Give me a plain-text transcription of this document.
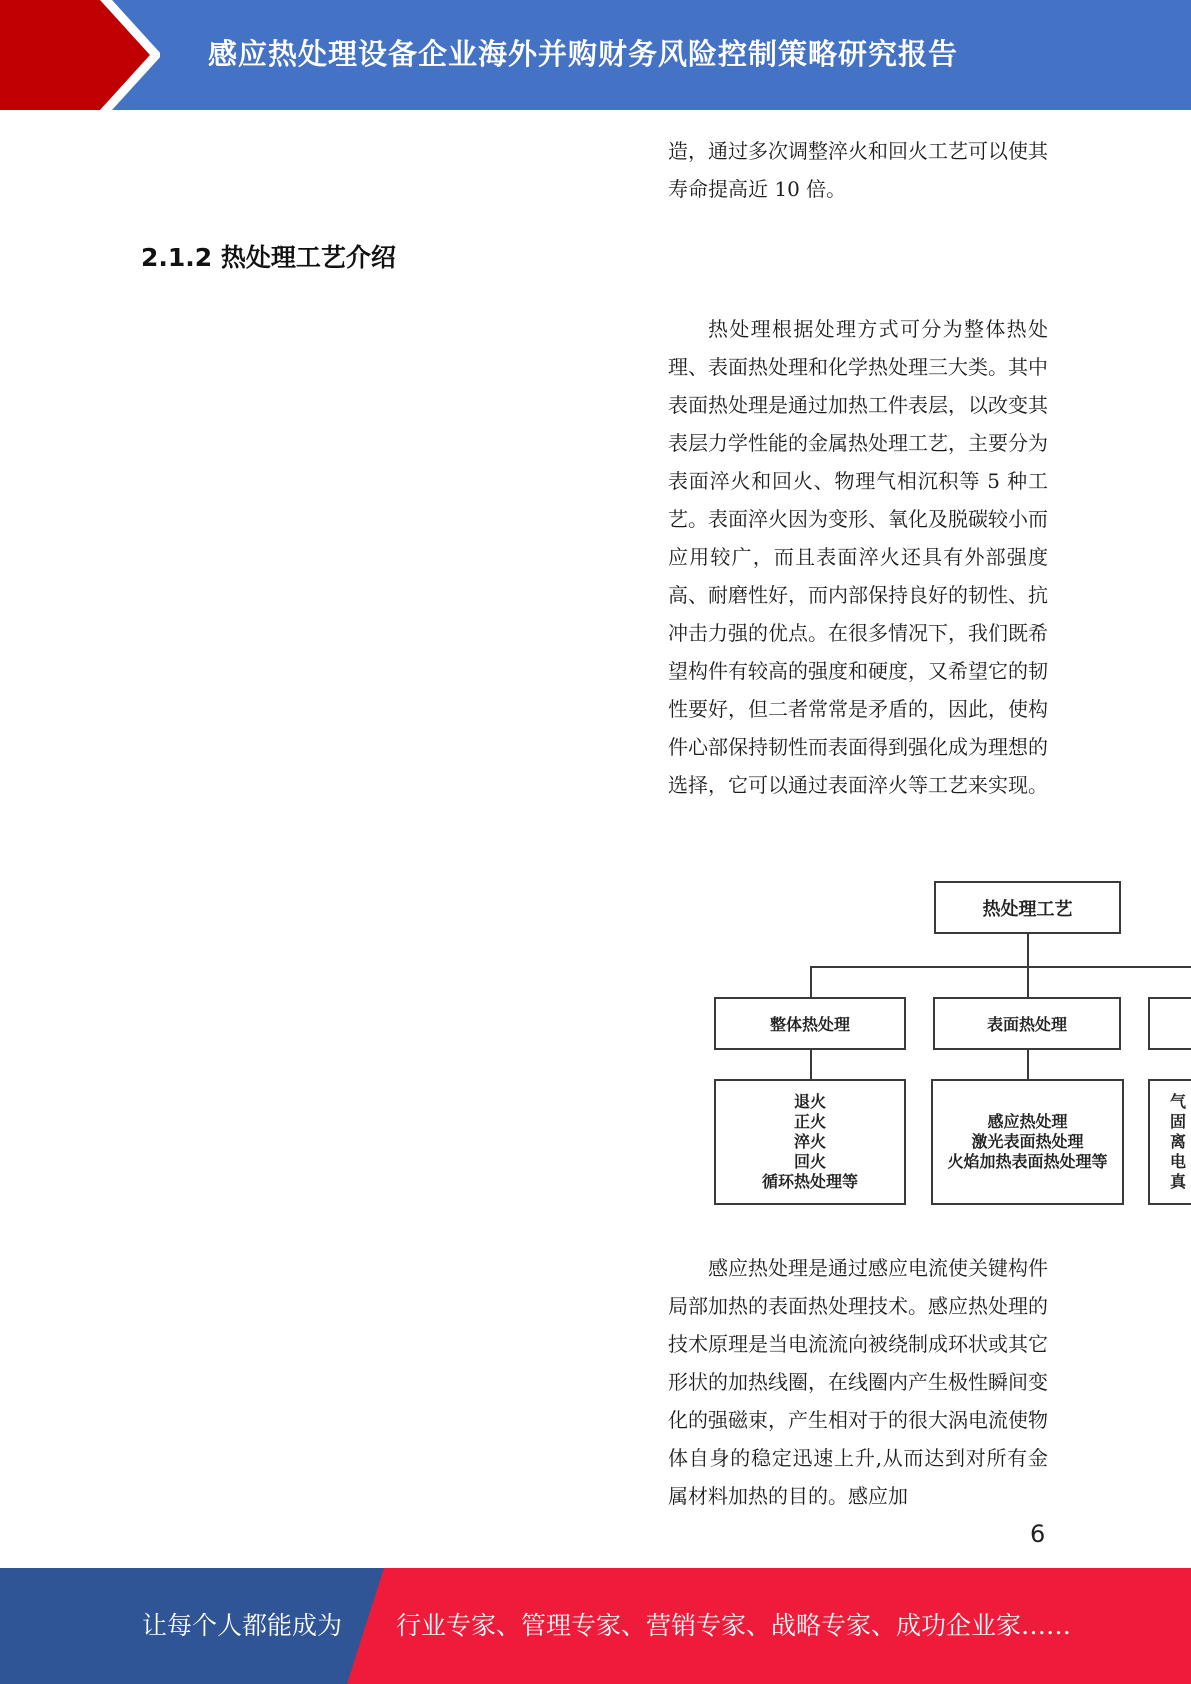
感应热处理设备企业海外并购财务风险控制策略研究报告

造，通过多次调整淬火和回火工艺可以使其寿命提高近 10 倍。

2.1.2 热处理工艺介绍

热处理根据处理方式可分为整体热处理、表面热处理和化学热处理三大类。其中表面热处理是通过加热工件表层，以改变其表层力学性能的金属热处理工艺，主要分为表面淬火和回火、物理气相沉积等 5 种工艺。表面淬火因为变形、氧化及脱碳较小而应用较广，而且表面淬火还具有外部强度高、耐磨性好，而内部保持良好的韧性、抗冲击力强的优点。在很多情况下，我们既希望构件有较高的强度和硬度，又希望它的韧性要好，但二者常常是矛盾的，因此，使构件心部保持韧性而表面得到强化成为理想的选择，它可以通过表面淬火等工艺来实现。

热处理工艺
整体热处理	表面热处理
退火
正火
淬火
回火
循环热处理等
感应热处理
激光表面热处理
火焰加热表面热处理等
气
固
离
电
真

感应热处理是通过感应电流使关键构件局部加热的表面热处理技术。感应热处理的技术原理是当电流流向被绕制成环状或其它形状的加热线圈，在线圈内产生极性瞬间变化的强磁束，产生相对于的很大涡电流使物体自身的稳定迅速上升,从而达到对所有金属材料加热的目的。感应加

6
让每个人都能成为 行业专家、管理专家、营销专家、战略专家、成功企业家……
